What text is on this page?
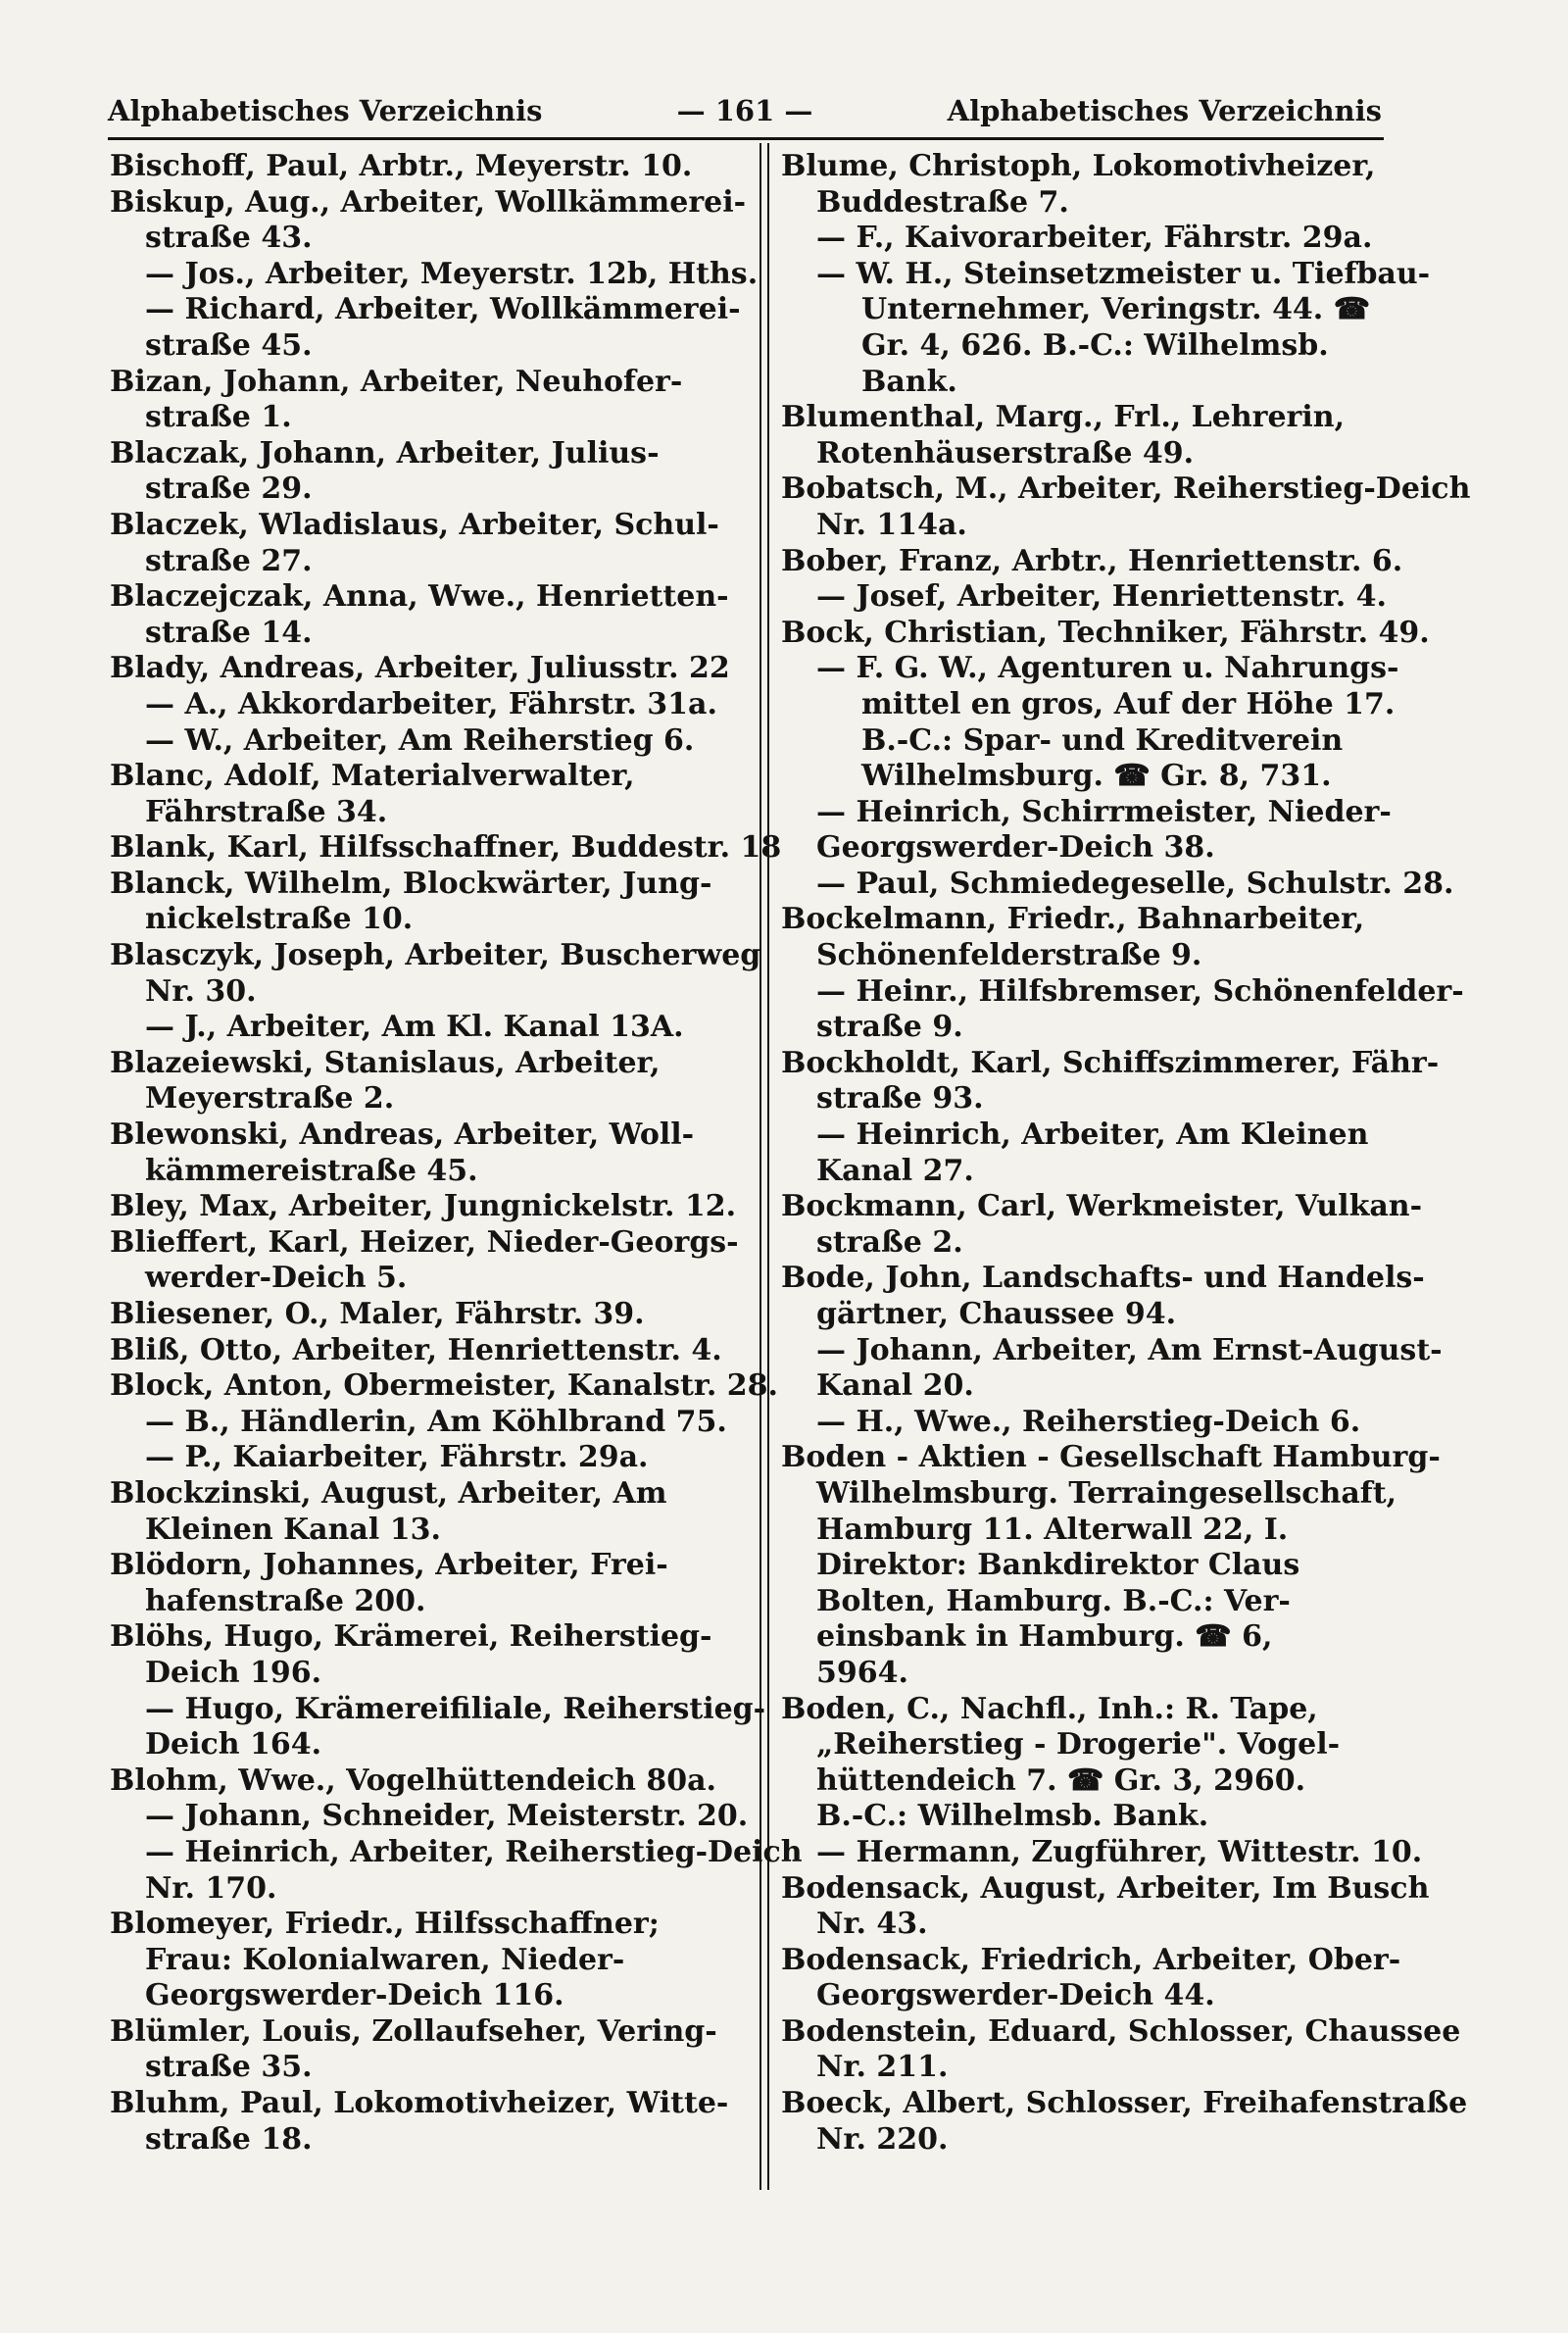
Alphabetisches Verzeichnis	— 161 —	Alphabetisches Verzeichnis
Bischoff, Paul, Arbtr., Meyerstr. 10.
Biskup, Aug., Arbeiter, Wollkämmerei-
straße 43.
— Jos., Arbeiter, Meyerstr. 12b, Hths.
— Richard, Arbeiter, Wollkämmerei-
straße 45.
Bizan, Johann, Arbeiter, Neuhofer-
straße 1.
Blaczak, Johann, Arbeiter, Julius-
straße 29.
Blaczek, Wladislaus, Arbeiter, Schul-
straße 27.
Blaczejczak, Anna, Wwe., Henrietten-
straße 14.
Blady, Andreas, Arbeiter, Juliusstr. 22
— A., Akkordarbeiter, Fährstr. 31a.
— W., Arbeiter, Am Reiherstieg 6.
Blanc, Adolf, Materialverwalter,
Fährstraße 34.
Blank, Karl, Hilfsschaffner, Buddestr. 18
Blanck, Wilhelm, Blockwärter, Jung-
nickelstraße 10.
Blasczyk, Joseph, Arbeiter, Buscherweg
Nr. 30.
— J., Arbeiter, Am Kl. Kanal 13A.
Blazeiewski, Stanislaus, Arbeiter,
Meyerstraße 2.
Blewonski, Andreas, Arbeiter, Woll-
kämmereistraße 45.
Bley, Max, Arbeiter, Jungnickelstr. 12.
Blieffert, Karl, Heizer, Nieder-Georgs-
werder-Deich 5.
Bliesener, O., Maler, Fährstr. 39.
Bliß, Otto, Arbeiter, Henriettenstr. 4.
Block, Anton, Obermeister, Kanalstr. 28.
— B., Händlerin, Am Köhlbrand 75.
— P., Kaiarbeiter, Fährstr. 29a.
Blockzinski, August, Arbeiter, Am
Kleinen Kanal 13.
Blödorn, Johannes, Arbeiter, Frei-
hafenstraße 200.
Blöhs, Hugo, Krämerei, Reiherstieg-
Deich 196.
— Hugo, Krämereifiliale, Reiherstieg-
Deich 164.
Blohm, Wwe., Vogelhüttendeich 80a.
— Johann, Schneider, Meisterstr. 20.
— Heinrich, Arbeiter, Reiherstieg-Deich
Nr. 170.
Blomeyer, Friedr., Hilfsschaffner;
Frau: Kolonialwaren, Nieder-
Georgswerder-Deich 116.
Blümler, Louis, Zollaufseher, Vering-
straße 35.
Bluhm, Paul, Lokomotivheizer, Witte-
straße 18.
Blume, Christoph, Lokomotivheizer,
Buddestraße 7.
— F., Kaivorarbeiter, Fährstr. 29a.
— W. H., Steinsetzmeister u. Tiefbau-
Unternehmer, Veringstr. 44. ☎
Gr. 4, 626. B.-C.: Wilhelmsb.
Bank.
Blumenthal, Marg., Frl., Lehrerin,
Rotenhäuserstraße 49.
Bobatsch, M., Arbeiter, Reiherstieg-Deich
Nr. 114a.
Bober, Franz, Arbtr., Henriettenstr. 6.
— Josef, Arbeiter, Henriettenstr. 4.
Bock, Christian, Techniker, Fährstr. 49.
— F. G. W., Agenturen u. Nahrungs-
mittel en gros, Auf der Höhe 17.
B.-C.: Spar- und Kreditverein
Wilhelmsburg. ☎ Gr. 8, 731.
— Heinrich, Schirrmeister, Nieder-
Georgswerder-Deich 38.
— Paul, Schmiedegeselle, Schulstr. 28.
Bockelmann, Friedr., Bahnarbeiter,
Schönenfelderstraße 9.
— Heinr., Hilfsbremser, Schönenfelder-
straße 9.
Bockholdt, Karl, Schiffszimmerer, Fähr-
straße 93.
— Heinrich, Arbeiter, Am Kleinen
Kanal 27.
Bockmann, Carl, Werkmeister, Vulkan-
straße 2.
Bode, John, Landschafts- und Handels-
gärtner, Chaussee 94.
— Johann, Arbeiter, Am Ernst-August-
Kanal 20.
— H., Wwe., Reiherstieg-Deich 6.
Boden - Aktien - Gesellschaft Hamburg-
Wilhelmsburg. Terraingesellschaft,
Hamburg 11. Alterwall 22, I.
Direktor: Bankdirektor Claus
Bolten, Hamburg. B.-C.: Ver-
einsbank in Hamburg. ☎ 6,
5964.
Boden, C., Nachfl., Inh.: R. Tape,
„Reiherstieg - Drogerie". Vogel-
hüttendeich 7. ☎ Gr. 3, 2960.
B.-C.: Wilhelmsb. Bank.
— Hermann, Zugführer, Wittestr. 10.
Bodensack, August, Arbeiter, Im Busch
Nr. 43.
Bodensack, Friedrich, Arbeiter, Ober-
Georgswerder-Deich 44.
Bodenstein, Eduard, Schlosser, Chaussee
Nr. 211.
Boeck, Albert, Schlosser, Freihafenstraße
Nr. 220.
